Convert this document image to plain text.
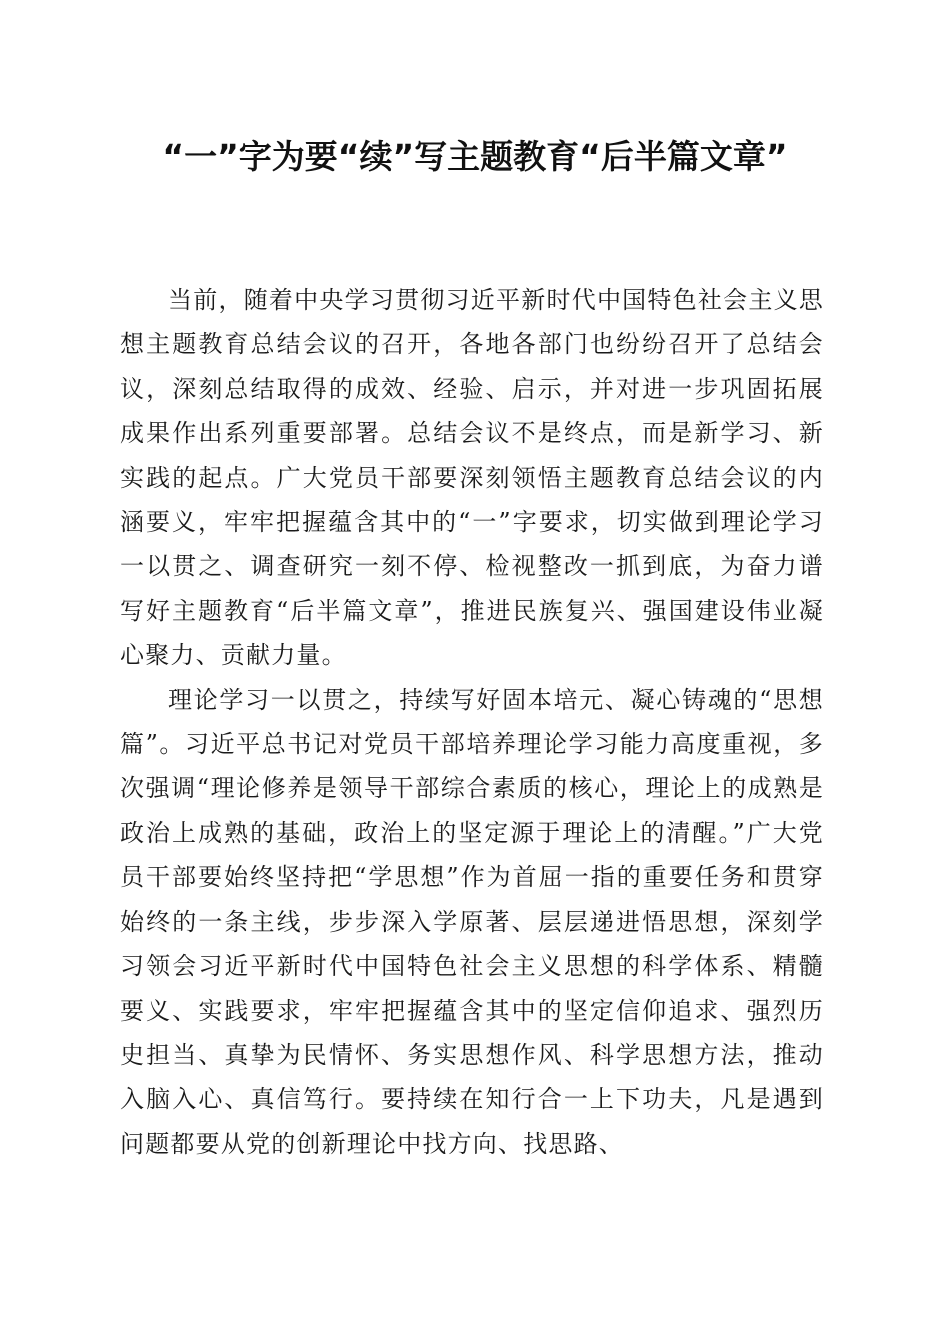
“一”字为要“续”写主题教育“后半篇文章”

当前，随着中央学习贯彻习近平新时代中国特色社会主义思想主题教育总结会议的召开，各地各部门也纷纷召开了总结会议，深刻总结取得的成效、经验、启示，并对进一步巩固拓展成果作出系列重要部署。总结会议不是终点，而是新学习、新实践的起点。广大党员干部要深刻领悟主题教育总结会议的内涵要义，牢牢把握蕴含其中的“一”字要求，切实做到理论学习一以贯之、调查研究一刻不停、检视整改一抓到底，为奋力谱写好主题教育“后半篇文章”，推进民族复兴、强国建设伟业凝心聚力、贡献力量。

理论学习一以贯之，持续写好固本培元、凝心铸魂的“思想篇”。习近平总书记对党员干部培养理论学习能力高度重视，多次强调“理论修养是领导干部综合素质的核心，理论上的成熟是政治上成熟的基础，政治上的坚定源于理论上的清醒。”广大党员干部要始终坚持把“学思想”作为首屈一指的重要任务和贯穿始终的一条主线，步步深入学原著、层层递进悟思想，深刻学习领会习近平新时代中国特色社会主义思想的科学体系、精髓要义、实践要求，牢牢把握蕴含其中的坚定信仰追求、强烈历史担当、真挚为民情怀、务实思想作风、科学思想方法，推动入脑入心、真信笃行。要持续在知行合一上下功夫，凡是遇到问题都要从党的创新理论中找方向、找思路、
